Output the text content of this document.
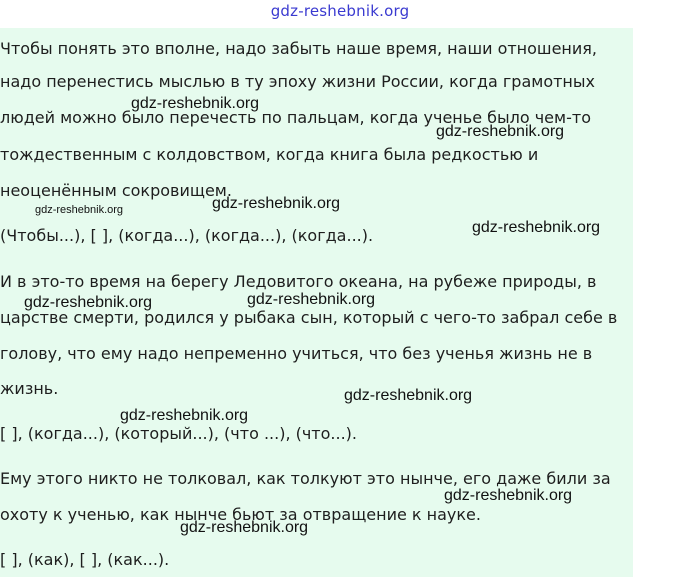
gdz-reshebnik.org

Чтобы понять это вполне, надо забыть наше время, наши отношения,

надо перенестись мыслью в ту эпоху жизни России, когда грамотных

людей можно было перечесть по пальцам, когда ученье было чем-то

тождественным с колдовством, когда книга была редкостью и

неоценённым сокровищем.

(Чтобы...), [ ], (когда...), (когда...), (когда...).

И в это-то время на берегу Ледовитого океана, на рубеже природы, в

царстве смерти, родился у рыбака сын, который с чего-то забрал себе в

голову, что ему надо непременно учиться, что без ученья жизнь не в

жизнь.

[ ], (когда...), (который...), (что ...), (что...).

Ему этого никто не толковал, как толкуют это нынче, его даже били за

охоту к ученью, как нынче бьют за отвращение к науке.

[ ], (как), [ ], (как...).

gdz-reshebnik.org
gdz-reshebnik.org
gdz-reshebnik.org	gdz-reshebnik.org
gdz-reshebnik.org
gdz-reshebnik.org	gdz-reshebnik.org
gdz-reshebnik.org
gdz-reshebnik.org
gdz-reshebnik.org
gdz-reshebnik.org
